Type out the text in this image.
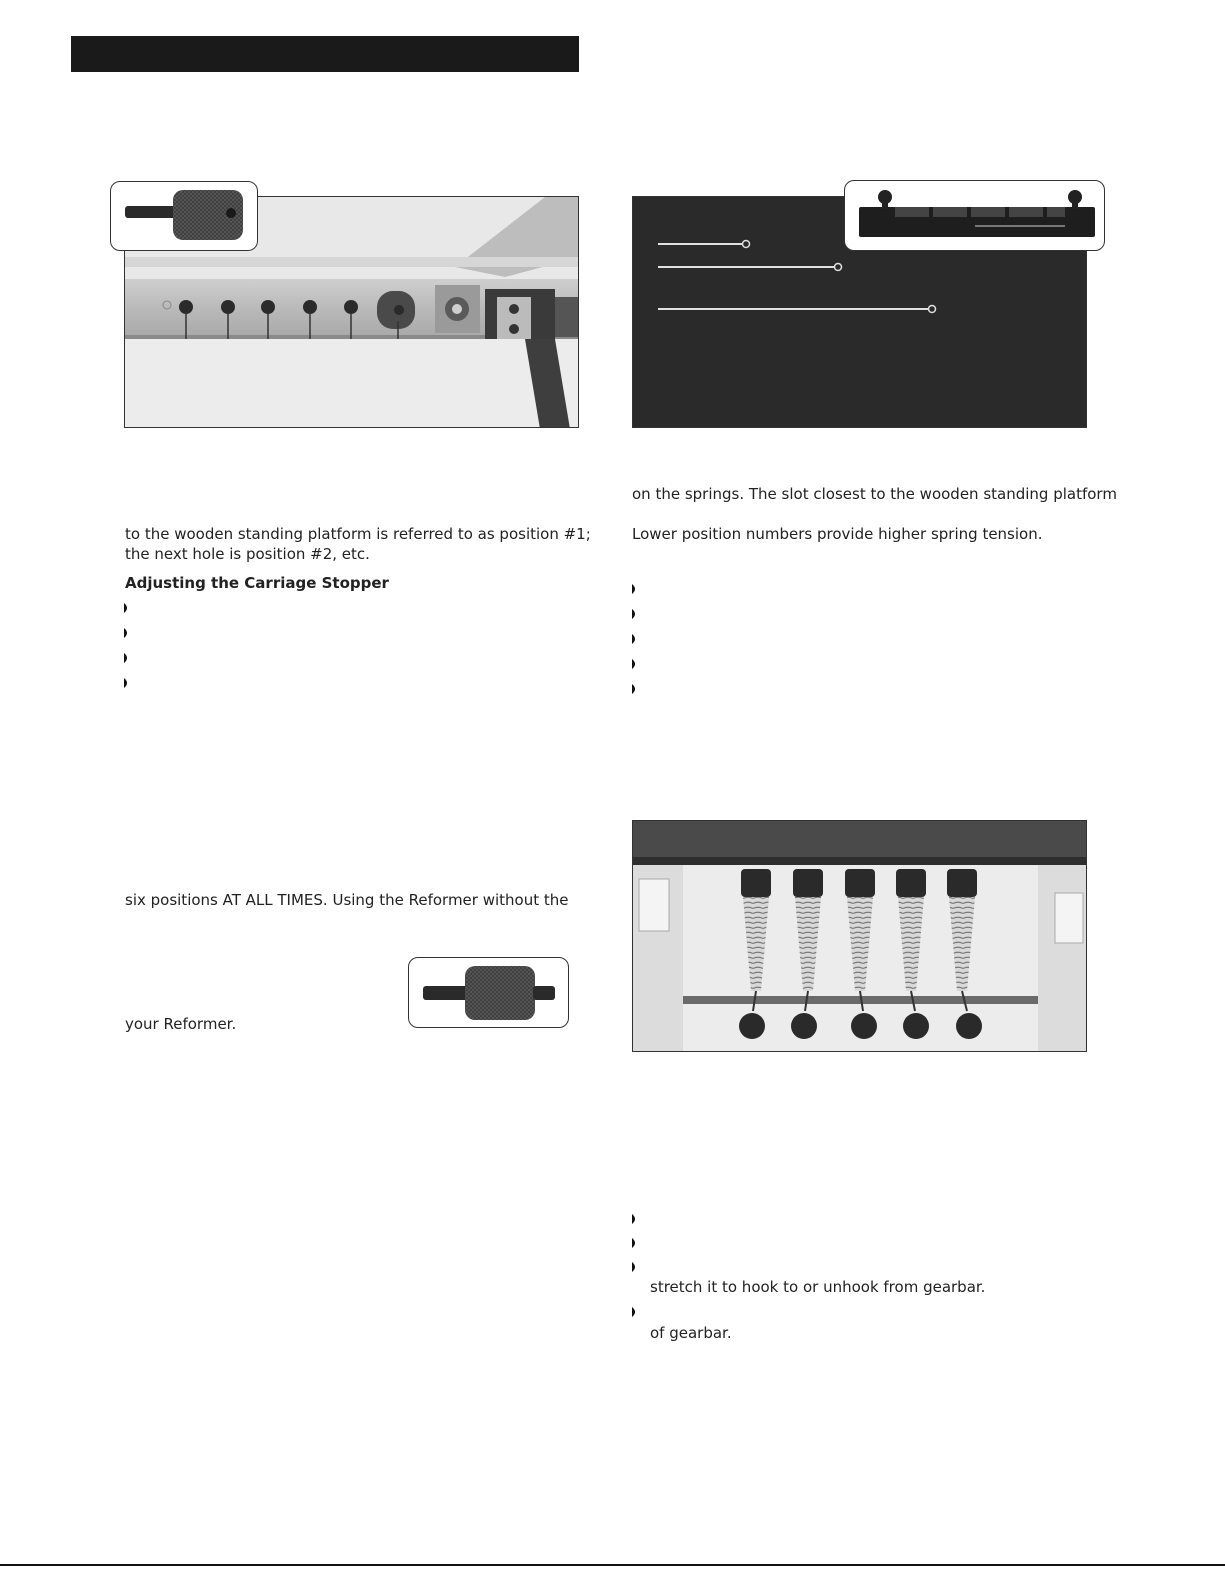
to the wooden standing platform is referred to as position #1;
the next hole is position #2, etc.
Adjusting the Carriage Stopper
six positions AT ALL TIMES. Using the Reformer without the
your Reformer.
on the springs. The slot closest to the wooden standing platform
Lower position numbers provide higher spring tension.
stretch it to hook to or unhook from gearbar.
of gearbar.
